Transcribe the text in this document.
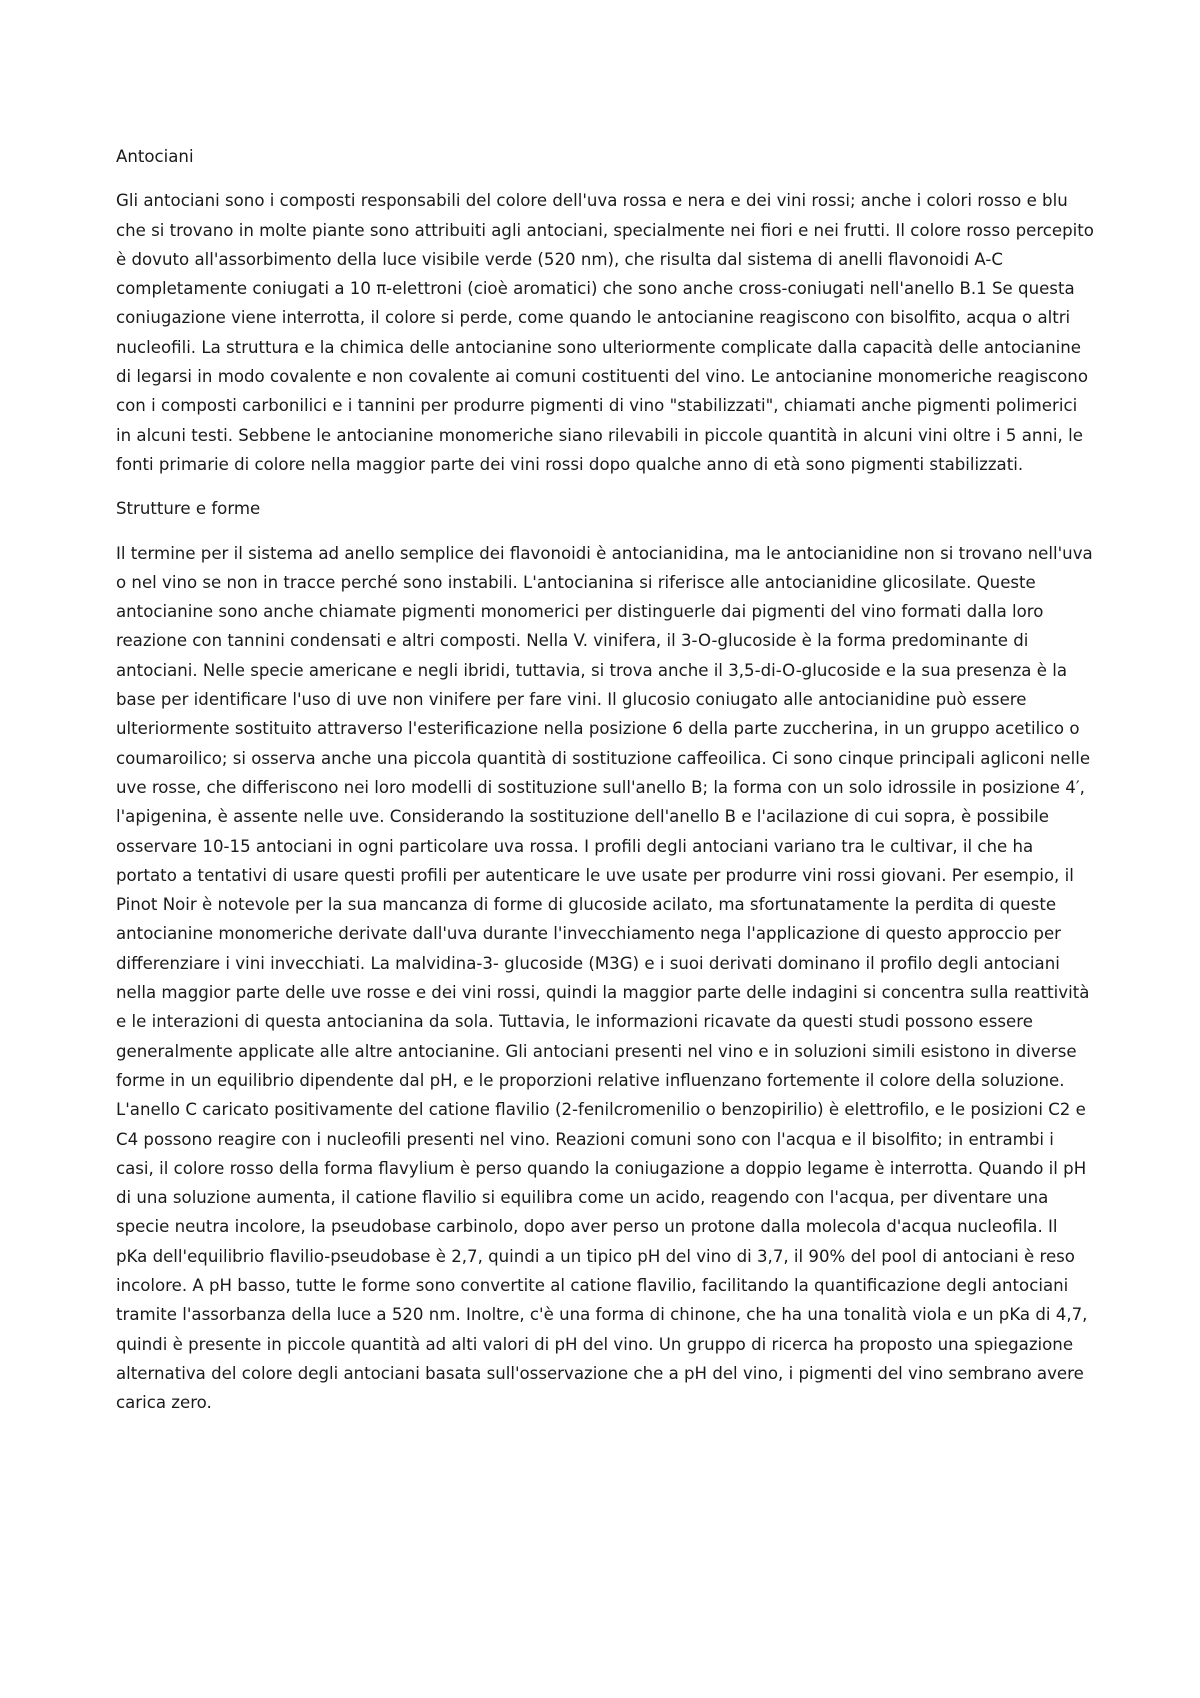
Antociani
Gli antociani sono i composti responsabili del colore dell'uva rossa e nera e dei vini rossi; anche i colori rosso e blu che si trovano in molte piante sono attribuiti agli antociani, specialmente nei fiori e nei frutti. Il colore rosso percepito è dovuto all'assorbimento della luce visibile verde (520 nm), che risulta dal sistema di anelli flavonoidi A-C completamente coniugati a 10 π-elettroni (cioè aromatici) che sono anche cross-coniugati nell'anello B.1 Se questa coniugazione viene interrotta, il colore si perde, come quando le antocianine reagiscono con bisolfito, acqua o altri nucleofili. La struttura e la chimica delle antocianine sono ulteriormente complicate dalla capacità delle antocianine di legarsi in modo covalente e non covalente ai comuni costituenti del vino. Le antocianine monomeriche reagiscono con i composti carbonilici e i tannini per produrre pigmenti di vino "stabilizzati", chiamati anche pigmenti polimerici in alcuni testi. Sebbene le antocianine monomeriche siano rilevabili in piccole quantità in alcuni vini oltre i 5 anni, le fonti primarie di colore nella maggior parte dei vini rossi dopo qualche anno di età sono pigmenti stabilizzati.
Strutture e forme
Il termine per il sistema ad anello semplice dei flavonoidi è antocianidina, ma le antocianidine non si trovano nell'uva o nel vino se non in tracce perché sono instabili. L'antocianina si riferisce alle antocianidine glicosilate. Queste antocianine sono anche chiamate pigmenti monomerici per distinguerle dai pigmenti del vino formati dalla loro reazione con tannini condensati e altri composti. Nella V. vinifera, il 3-O-glucoside è la forma predominante di antociani. Nelle specie americane e negli ibridi, tuttavia, si trova anche il 3,5-di-O-glucoside e la sua presenza è la base per identificare l'uso di uve non vinifere per fare vini. Il glucosio coniugato alle antocianidine può essere ulteriormente sostituito attraverso l'esterificazione nella posizione 6 della parte zuccherina, in un gruppo acetilico o coumaroilico; si osserva anche una piccola quantità di sostituzione caffeoilica. Ci sono cinque principali agliconi nelle uve rosse, che differiscono nei loro modelli di sostituzione sull'anello B; la forma con un solo idrossile in posizione 4′, l'apigenina, è assente nelle uve. Considerando la sostituzione dell'anello B e l'acilazione di cui sopra, è possibile osservare 10-15 antociani in ogni particolare uva rossa. I profili degli antociani variano tra le cultivar, il che ha portato a tentativi di usare questi profili per autenticare le uve usate per produrre vini rossi giovani. Per esempio, il Pinot Noir è notevole per la sua mancanza di forme di glucoside acilato, ma sfortunatamente la perdita di queste antocianine monomeriche derivate dall'uva durante l'invecchiamento nega l'applicazione di questo approccio per differenziare i vini invecchiati. La malvidina-3- glucoside (M3G) e i suoi derivati dominano il profilo degli antociani nella maggior parte delle uve rosse e dei vini rossi, quindi la maggior parte delle indagini si concentra sulla reattività e le interazioni di questa antocianina da sola. Tuttavia, le informazioni ricavate da questi studi possono essere generalmente applicate alle altre antocianine. Gli antociani presenti nel vino e in soluzioni simili esistono in diverse forme in un equilibrio dipendente dal pH, e le proporzioni relative influenzano fortemente il colore della soluzione. L'anello C caricato positivamente del catione flavilio (2-fenilcromenilio o benzopirilio) è elettrofilo, e le posizioni C2 e C4 possono reagire con i nucleofili presenti nel vino. Reazioni comuni sono con l'acqua e il bisolfito; in entrambi i casi, il colore rosso della forma flavylium è perso quando la coniugazione a doppio legame è interrotta. Quando il pH di una soluzione aumenta, il catione flavilio si equilibra come un acido, reagendo con l'acqua, per diventare una specie neutra incolore, la pseudobase carbinolo, dopo aver perso un protone dalla molecola d'acqua nucleofila. Il pKa dell'equilibrio flavilio-pseudobase è 2,7, quindi a un tipico pH del vino di 3,7, il 90% del pool di antociani è reso incolore. A pH basso, tutte le forme sono convertite al catione flavilio, facilitando la quantificazione degli antociani tramite l'assorbanza della luce a 520 nm. Inoltre, c'è una forma di chinone, che ha una tonalità viola e un pKa di 4,7, quindi è presente in piccole quantità ad alti valori di pH del vino. Un gruppo di ricerca ha proposto una spiegazione alternativa del colore degli antociani basata sull'osservazione che a pH del vino, i pigmenti del vino sembrano avere carica zero.
